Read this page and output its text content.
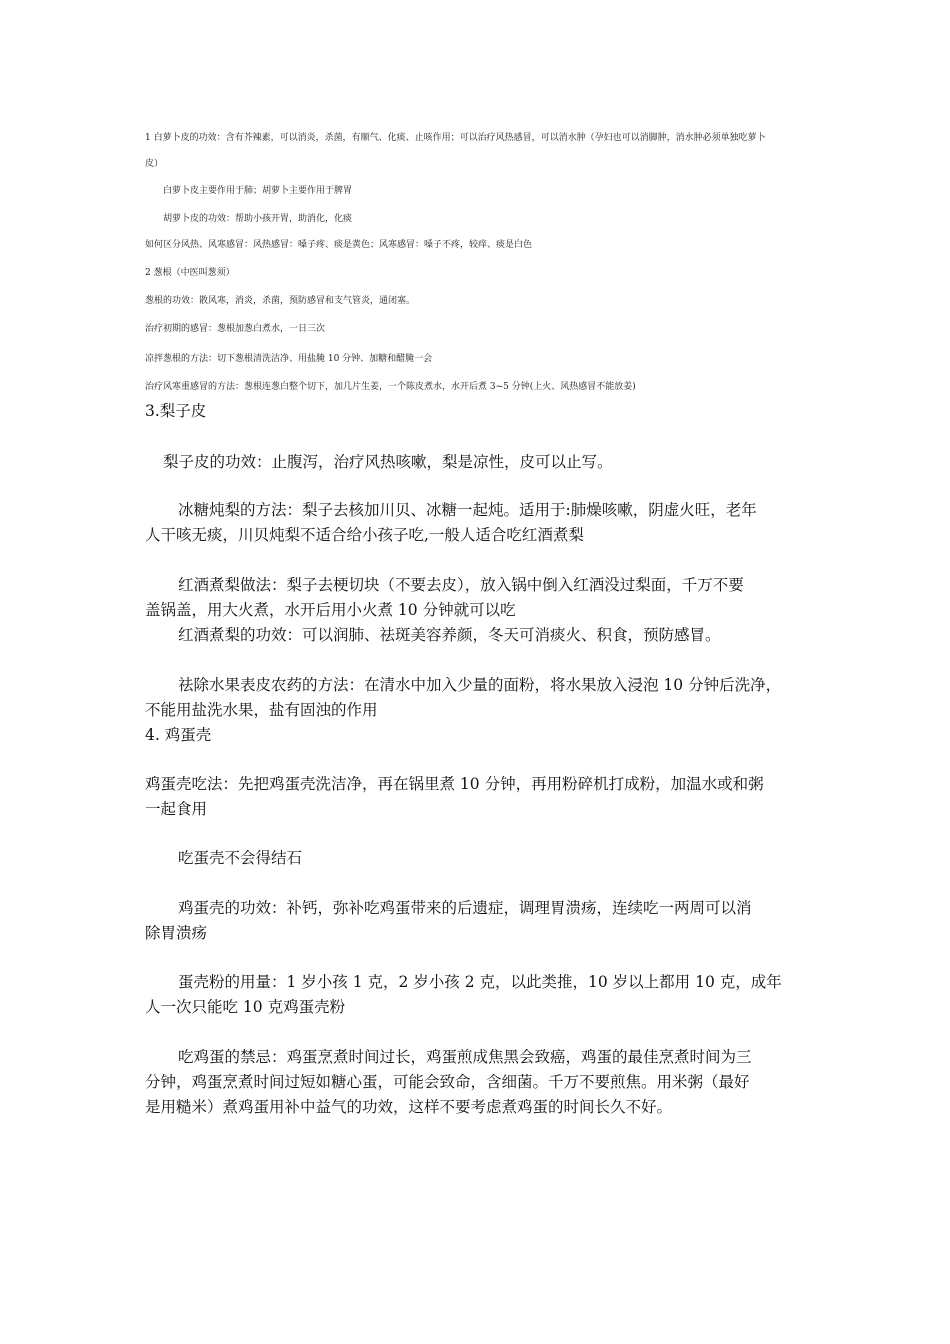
1 白萝卜皮的功效：含有芥辣素，可以消炎，杀菌，有顺气、化痰、止咳作用；可以治疗风热感冒，可以消水肿（孕妇也可以消脚肿，消水肿必须单独吃萝卜
皮）
白萝卜皮主要作用于肺；胡萝卜主要作用于脾胃
胡萝卜皮的功效：帮助小孩开胃，助消化，化痰
如何区分风热、风寒感冒：风热感冒：嗓子疼、痰是黄色；风寒感冒：嗓子不疼，较痒、痰是白色
2 葱根（中医叫葱须）
葱根的功效：散风寒，消炎，杀菌，预防感冒和支气管炎，通闭塞。
治疗初期的感冒：葱根加葱白煮水，一日三次
凉拌葱根的方法：切下葱根清洗洁净、用盐腌 10 分钟、加糖和醋腌一会
治疗风寒重感冒的方法：葱根连葱白整个切下，加几片生姜，一个陈皮煮水，水开后煮 3~5 分钟(上火、风热感冒不能放姜)
3.梨子皮
梨子皮的功效：止腹泻，治疗风热咳嗽，梨是凉性，皮可以止写。
冰糖炖梨的方法：梨子去核加川贝、冰糖一起炖。适用于:肺燥咳嗽，阴虚火旺，老年
人干咳无痰，川贝炖梨不适合给小孩子吃,一般人适合吃红酒煮梨
红酒煮梨做法：梨子去梗切块（不要去皮），放入锅中倒入红酒没过梨面，千万不要
盖锅盖，用大火煮，水开后用小火煮 10 分钟就可以吃
红酒煮梨的功效：可以润肺、祛斑美容养颜，冬天可消痰火、积食，预防感冒。
祛除水果表皮农药的方法：在清水中加入少量的面粉，将水果放入浸泡 10 分钟后洗净，
不能用盐洗水果，盐有固浊的作用
4. 鸡蛋壳
鸡蛋壳吃法：先把鸡蛋壳洗洁净，再在锅里煮 10 分钟，再用粉碎机打成粉，加温水或和粥
一起食用
吃蛋壳不会得结石
鸡蛋壳的功效：补钙，弥补吃鸡蛋带来的后遗症，调理胃溃疡，连续吃一两周可以消
除胃溃疡
蛋壳粉的用量：1 岁小孩 1 克，2 岁小孩 2 克，以此类推，10 岁以上都用 10 克，成年
人一次只能吃 10 克鸡蛋壳粉
吃鸡蛋的禁忌：鸡蛋烹煮时间过长，鸡蛋煎成焦黑会致癌，鸡蛋的最佳烹煮时间为三
分钟，鸡蛋烹煮时间过短如糖心蛋，可能会致命，含细菌。千万不要煎焦。用米粥（最好
是用糙米）煮鸡蛋用补中益气的功效，这样不要考虑煮鸡蛋的时间长久不好。
